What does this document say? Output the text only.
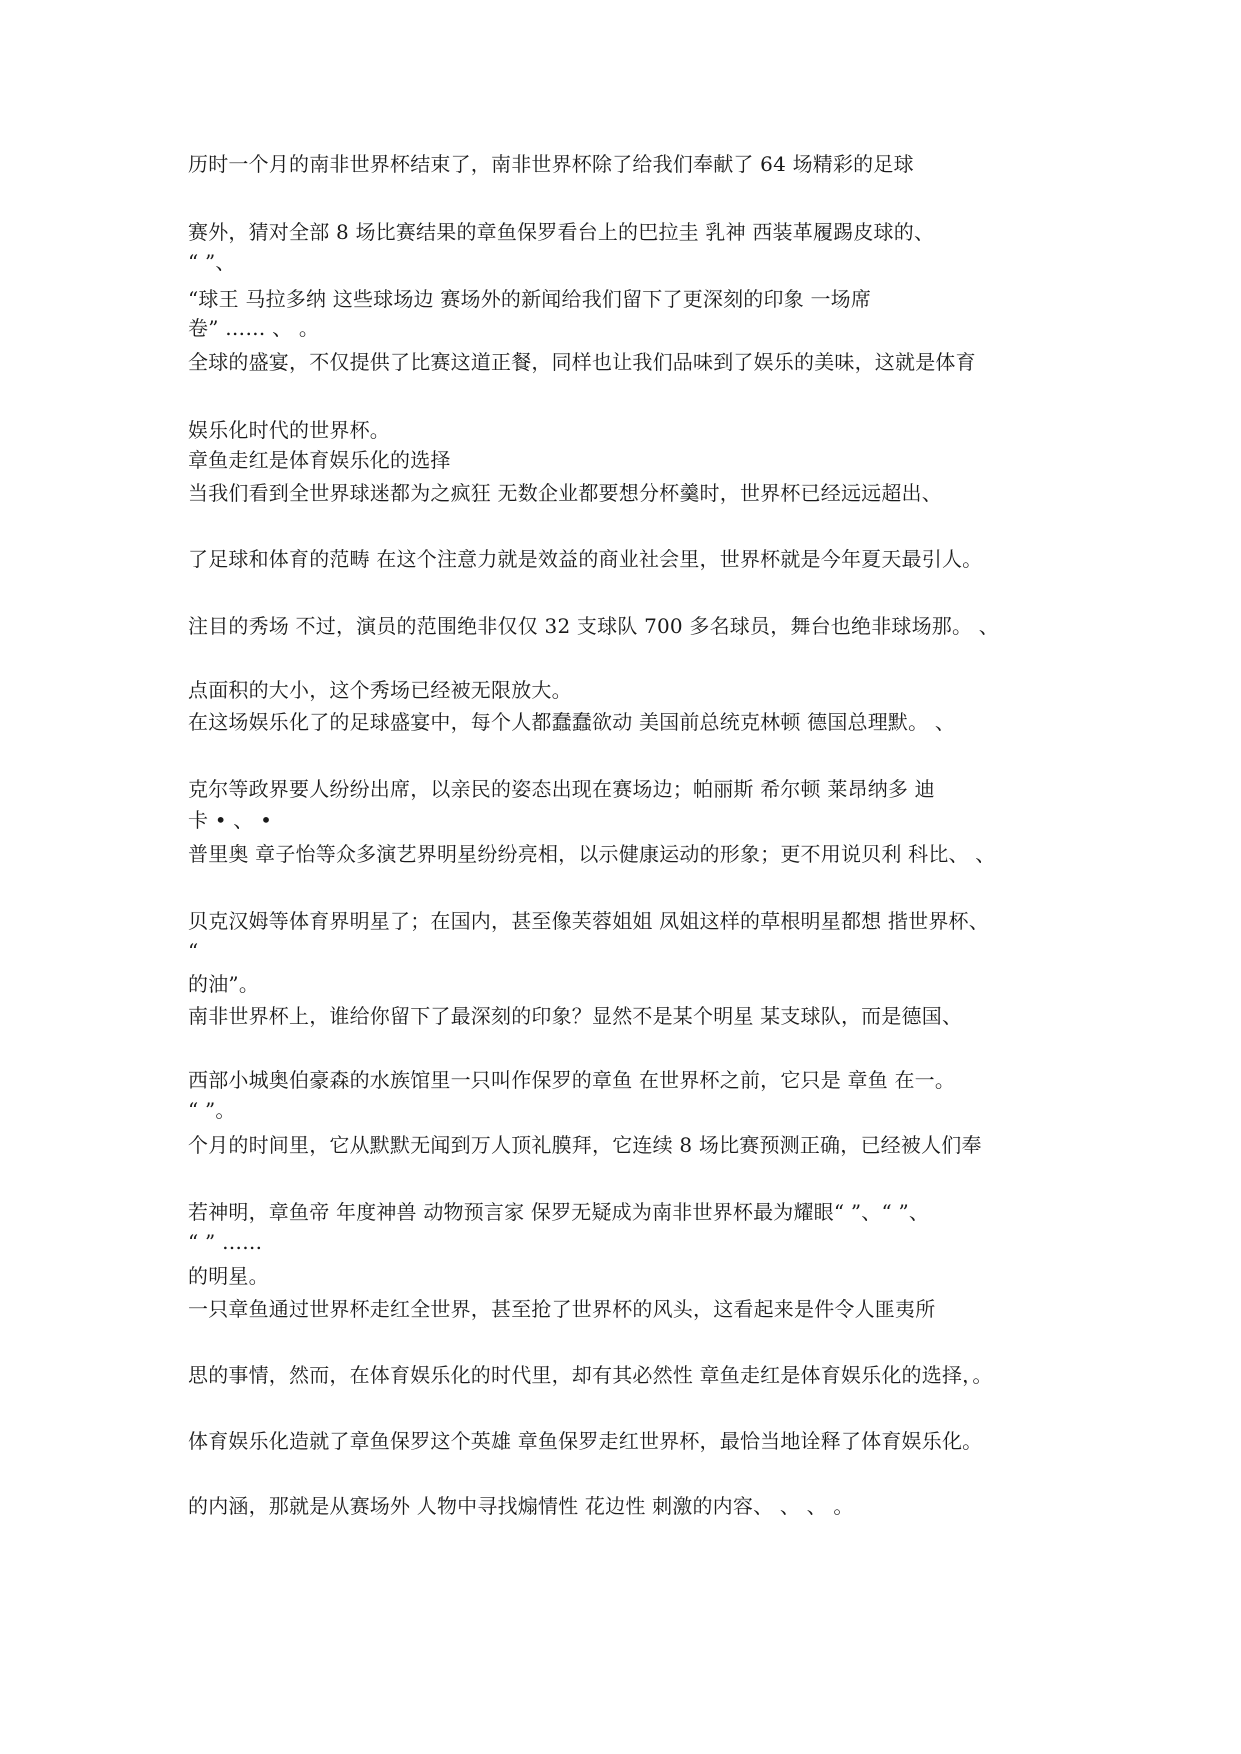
历时一个月的南非世界杯结束了，南非世界杯除了给我们奉献了 64 场精彩的足球
赛外，猜对全部 8 场比赛结果的章鱼保罗看台上的巴拉圭 乳神 西装革履踢皮球的、
“ ”、
“球王 马拉多纳 这些球场边 赛场外的新闻给我们留下了更深刻的印象 一场席
卷” …… 、 。
全球的盛宴，不仅提供了比赛这道正餐，同样也让我们品味到了娱乐的美味，这就是体育
娱乐化时代的世界杯。
章鱼走红是体育娱乐化的选择
当我们看到全世界球迷都为之疯狂 无数企业都要想分杯羹时，世界杯已经远远超出、
了足球和体育的范畴 在这个注意力就是效益的商业社会里，世界杯就是今年夏天最引人。
注目的秀场 不过，演员的范围绝非仅仅 32 支球队 700 多名球员，舞台也绝非球场那。 、
点面积的大小，这个秀场已经被无限放大。
在这场娱乐化了的足球盛宴中，每个人都蠢蠢欲动 美国前总统克林顿 德国总理默。 、
克尔等政界要人纷纷出席，以亲民的姿态出现在赛场边；帕丽斯 希尔顿 莱昂纳多 迪
卡 • 、 •
普里奥 章子怡等众多演艺界明星纷纷亮相，以示健康运动的形象；更不用说贝利 科比、 、
贝克汉姆等体育界明星了；在国内，甚至像芙蓉姐姐 凤姐这样的草根明星都想 揩世界杯、
“
的油”。
南非世界杯上，谁给你留下了最深刻的印象？显然不是某个明星 某支球队，而是德国、
西部小城奥伯豪森的水族馆里一只叫作保罗的章鱼 在世界杯之前，它只是 章鱼 在一。
“ ”。
个月的时间里，它从默默无闻到万人顶礼膜拜，它连续 8 场比赛预测正确，已经被人们奉
若神明，章鱼帝 年度神兽 动物预言家 保罗无疑成为南非世界杯最为耀眼“ ”、“ ”、
“ ” ……
的明星。
一只章鱼通过世界杯走红全世界，甚至抢了世界杯的风头，这看起来是件令人匪夷所
思的事情，然而，在体育娱乐化的时代里，却有其必然性 章鱼走红是体育娱乐化的选择，。
体育娱乐化造就了章鱼保罗这个英雄 章鱼保罗走红世界杯，最恰当地诠释了体育娱乐化。
的内涵，那就是从赛场外 人物中寻找煽情性 花边性 刺激的内容、 、 、 。
